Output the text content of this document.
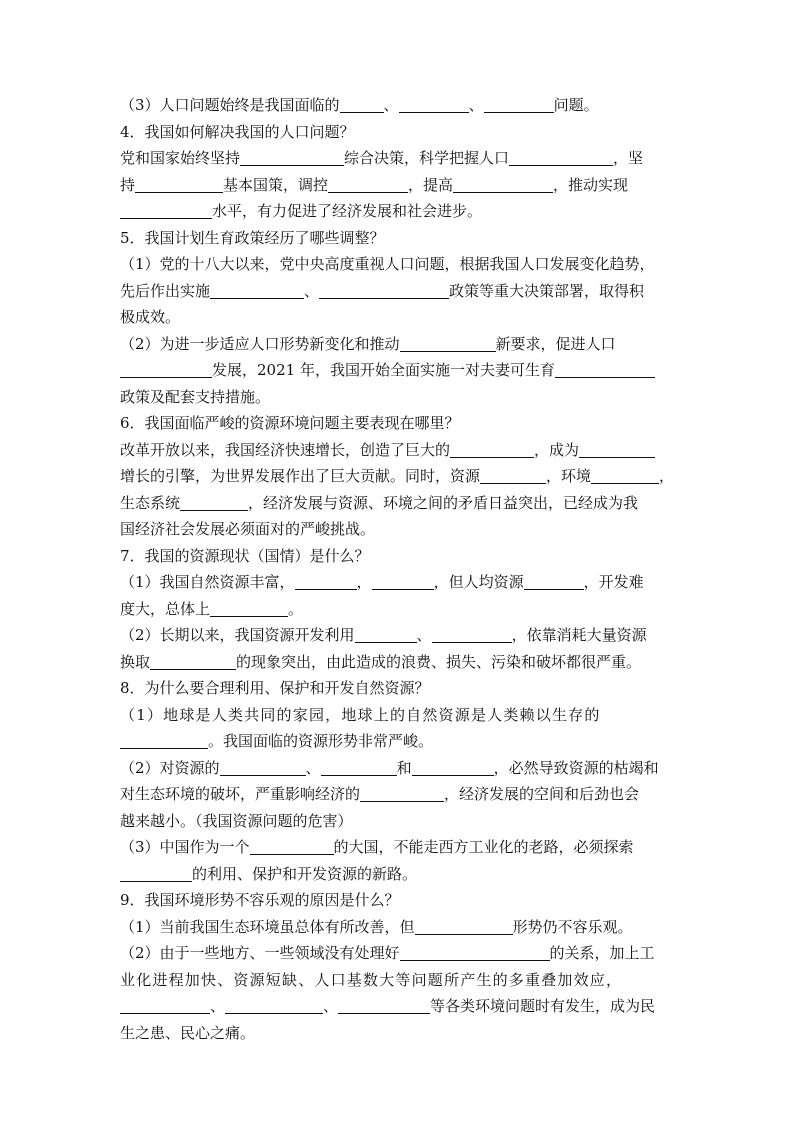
（3）人口问题始终是我国面临的	、	、	问题。
4．我国如何解决我国的人口问题？
党和国家始终坚持	综合决策，科学把握人口	，坚
持	基本国策，调控	，提高	，推动实现
水平，有力促进了经济发展和社会进步。
5．我国计划生育政策经历了哪些调整？
（1）党的十八大以来，党中央高度重视人口问题，根据我国人口发展变化趋势，
先后作出实施	、	政策等重大决策部署，取得积
极成效。
（2）为进一步适应人口形势新变化和推动	新要求，促进人口
发展，2021 年，我国开始全面实施一对夫妻可生育
政策及配套支持措施。
6．我国面临严峻的资源环境问题主要表现在哪里？
改革开放以来，我国经济快速增长，创造了巨大的	，成为
增长的引擎，为世界发展作出了巨大贡献。同时，资源	，环境	，
生态系统	，经济发展与资源、环境之间的矛盾日益突出，已经成为我
国经济社会发展必须面对的严峻挑战。
7．我国的资源现状（国情）是什么？
（1）我国自然资源丰富，	，	，但人均资源	，开发难
度大，总体上	。
（2）长期以来，我国资源开发利用	、	，依靠消耗大量资源
换取	的现象突出，由此造成的浪费、损失、污染和破坏都很严重。
8．为什么要合理利用、保护和开发自然资源？
（1）地球是人类共同的家园，地球上的自然资源是人类赖以生存的
。我国面临的资源形势非常严峻。
（2）对资源的	、	和	，必然导致资源的枯竭和
对生态环境的破坏，严重影响经济的	，经济发展的空间和后劲也会
越来越小。（我国资源问题的危害）
（3）中国作为一个	的大国，不能走西方工业化的老路，必须探索
的利用、保护和开发资源的新路。
9．我国环境形势不容乐观的原因是什么？
（1）当前我国生态环境虽总体有所改善，但	形势仍不容乐观。
（2）由于一些地方、一些领域没有处理好	的关系，加上工
业化进程加快、资源短缺、人口基数大等问题所产生的多重叠加效应，
、	、	等各类环境问题时有发生，成为民
生之患、民心之痛。
